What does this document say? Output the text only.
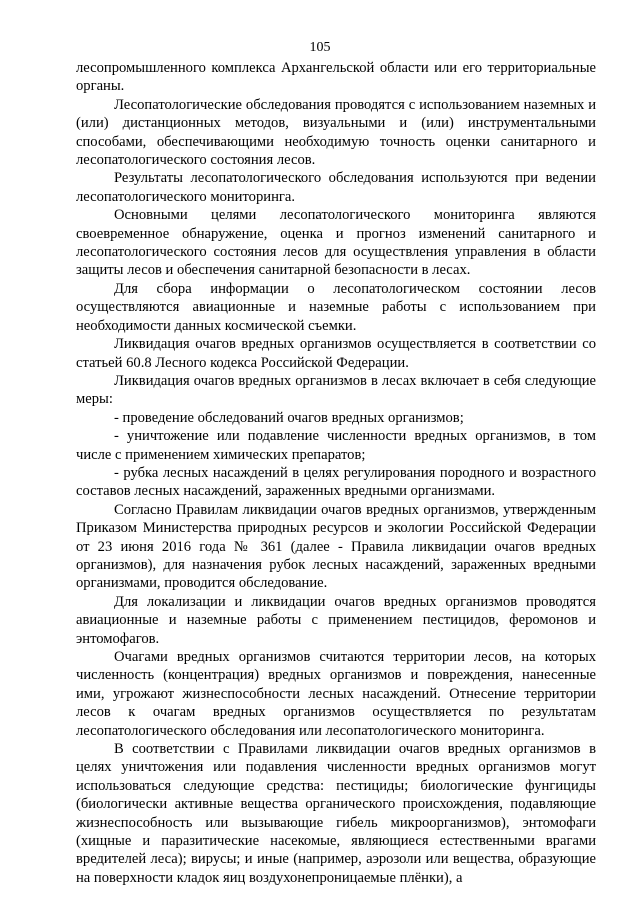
105

лесопромышленного комплекса Архангельской области или его территориальные органы.

Лесопатологические обследования проводятся с использованием наземных и (или) дистанционных методов, визуальными и (или) инструментальными способами, обеспечивающими необходимую точность оценки санитарного и лесопатологического состояния лесов.

Результаты лесопатологического обследования используются при ведении лесопатологического мониторинга.

Основными целями лесопатологического мониторинга являются своевременное обнаружение, оценка и прогноз изменений санитарного и лесопатологического состояния лесов для осуществления управления в области защиты лесов и обеспечения санитарной безопасности в лесах.

Для сбора информации о лесопатологическом состоянии лесов осуществляются авиационные и наземные работы с использованием при необходимости данных космической съемки.

Ликвидация очагов вредных организмов осуществляется в соответствии со статьей 60.8 Лесного кодекса Российской Федерации.

Ликвидация очагов вредных организмов в лесах включает в себя следующие меры:

- проведение обследований очагов вредных организмов;

- уничтожение или подавление численности вредных организмов, в том числе с применением химических препаратов;

- рубка лесных насаждений в целях регулирования породного и возрастного составов лесных насаждений, зараженных вредными организмами.

Согласно Правилам ликвидации очагов вредных организмов, утвержденным Приказом Министерства природных ресурсов и экологии Российской Федерации от 23 июня 2016 года № 361 (далее - Правила ликвидации очагов вредных организмов), для назначения рубок лесных насаждений, зараженных вредными организмами, проводится обследование.

Для локализации и ликвидации очагов вредных организмов проводятся авиационные и наземные работы с применением пестицидов, феромонов и энтомофагов.

Очагами вредных организмов считаются территории лесов, на которых численность (концентрация) вредных организмов и повреждения, нанесенные ими, угрожают жизнеспособности лесных насаждений. Отнесение территории лесов к очагам вредных организмов осуществляется по результатам лесопатологического обследования или лесопатологического мониторинга.

В соответствии с Правилами ликвидации очагов вредных организмов в целях уничтожения или подавления численности вредных организмов могут использоваться следующие средства: пестициды; биологические фунгициды (биологически активные вещества органического происхождения, подавляющие жизнеспособность или вызывающие гибель микроорганизмов), энтомофаги (хищные и паразитические насекомые, являющиеся естественными врагами вредителей леса); вирусы; и иные (например, аэрозоли или вещества, образующие на поверхности кладок яиц воздухонепроницаемые плёнки), а
